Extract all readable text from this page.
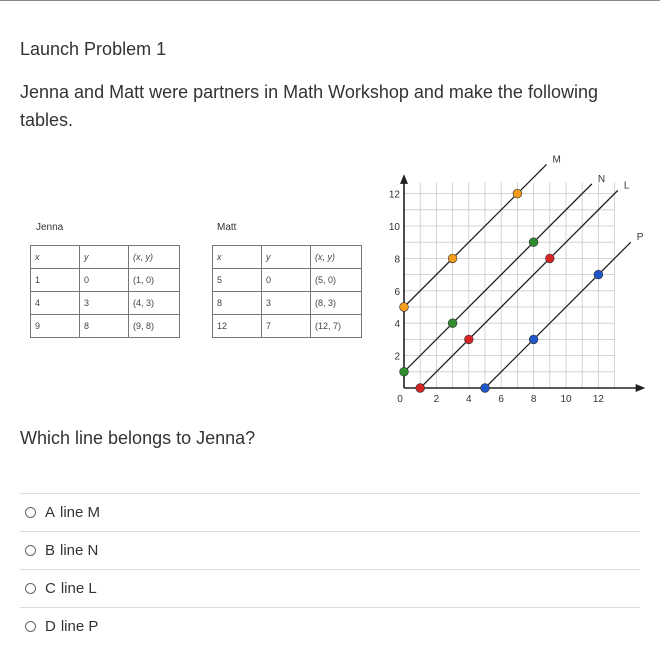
Launch Problem 1
Jenna and Matt were partners in Math Workshop and make the following tables.
Jenna
x	y	(x, y)
1	0	(1, 0)
4	3	(4, 3)
9	8	(9, 8)
Matt
x	y	(x, y)
5	0	(5, 0)
8	3	(8, 3)
12	7	(12, 7)
0	2	4	6	8 10 12
2
4
6
8
10
12
M
N
L
P
Which line belongs to Jenna?
A line M
B line N
C line L
D line P
